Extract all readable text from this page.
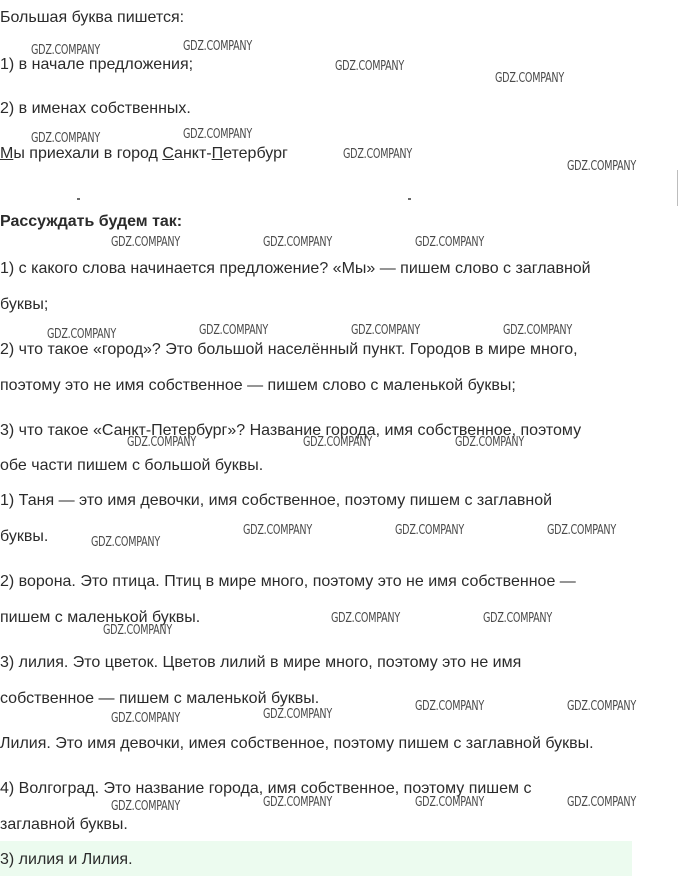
Большая буква пишется:
1) в начале предложения;
2) в именах собственных.
Мы приехали в город Санкт-Петербург
Рассуждать будем так:
1) с какого слова начинается предложение? «Мы» — пишем слово с заглавной
буквы;
2) что такое «город»? Это большой населённый пункт. Городов в мире много,
поэтому это не имя собственное — пишем слово с маленькой буквы;
3) что такое «Санкт-Петербург»? Название города, имя собственное, поэтому
обе части пишем с большой буквы.
1) Таня — это имя девочки, имя собственное, поэтому пишем с заглавной
буквы.
2) ворона. Это птица. Птиц в мире много, поэтому это не имя собственное —
пишем с маленькой буквы.
3) лилия. Это цветок. Цветов лилий в мире много, поэтому это не имя
собственное — пишем с маленькой буквы.
Лилия. Это имя девочки, имея собственное, поэтому пишем с заглавной буквы.
4) Волгоград. Это название города, имя собственное, поэтому пишем с
заглавной буквы.
3) лилия и Лилия.
GDZ.COMPANY	GDZ.COMPANY
GDZ.COMPANY
GDZ.COMPANY
GDZ.COMPANY	GDZ.COMPANY
GDZ.COMPANY
GDZ.COMPANY
GDZ.COMPANY	GDZ.COMPANY	GDZ.COMPANY
GDZ.COMPANY	GDZ.COMPANY	GDZ.COMPANY	GDZ.COMPANY
GDZ.COMPANY	GDZ.COMPANY	GDZ.COMPANY
GDZ.COMPANY
GDZ.COMPANY	GDZ.COMPANY	GDZ.COMPANY
GDZ.COMPANY
GDZ.COMPANY	GDZ.COMPANY
GDZ.COMPANY	GDZ.COMPANY
GDZ.COMPANY	GDZ.COMPANY
GDZ.COMPANY	GDZ.COMPANY	GDZ.COMPANY	GDZ.COMPANY
